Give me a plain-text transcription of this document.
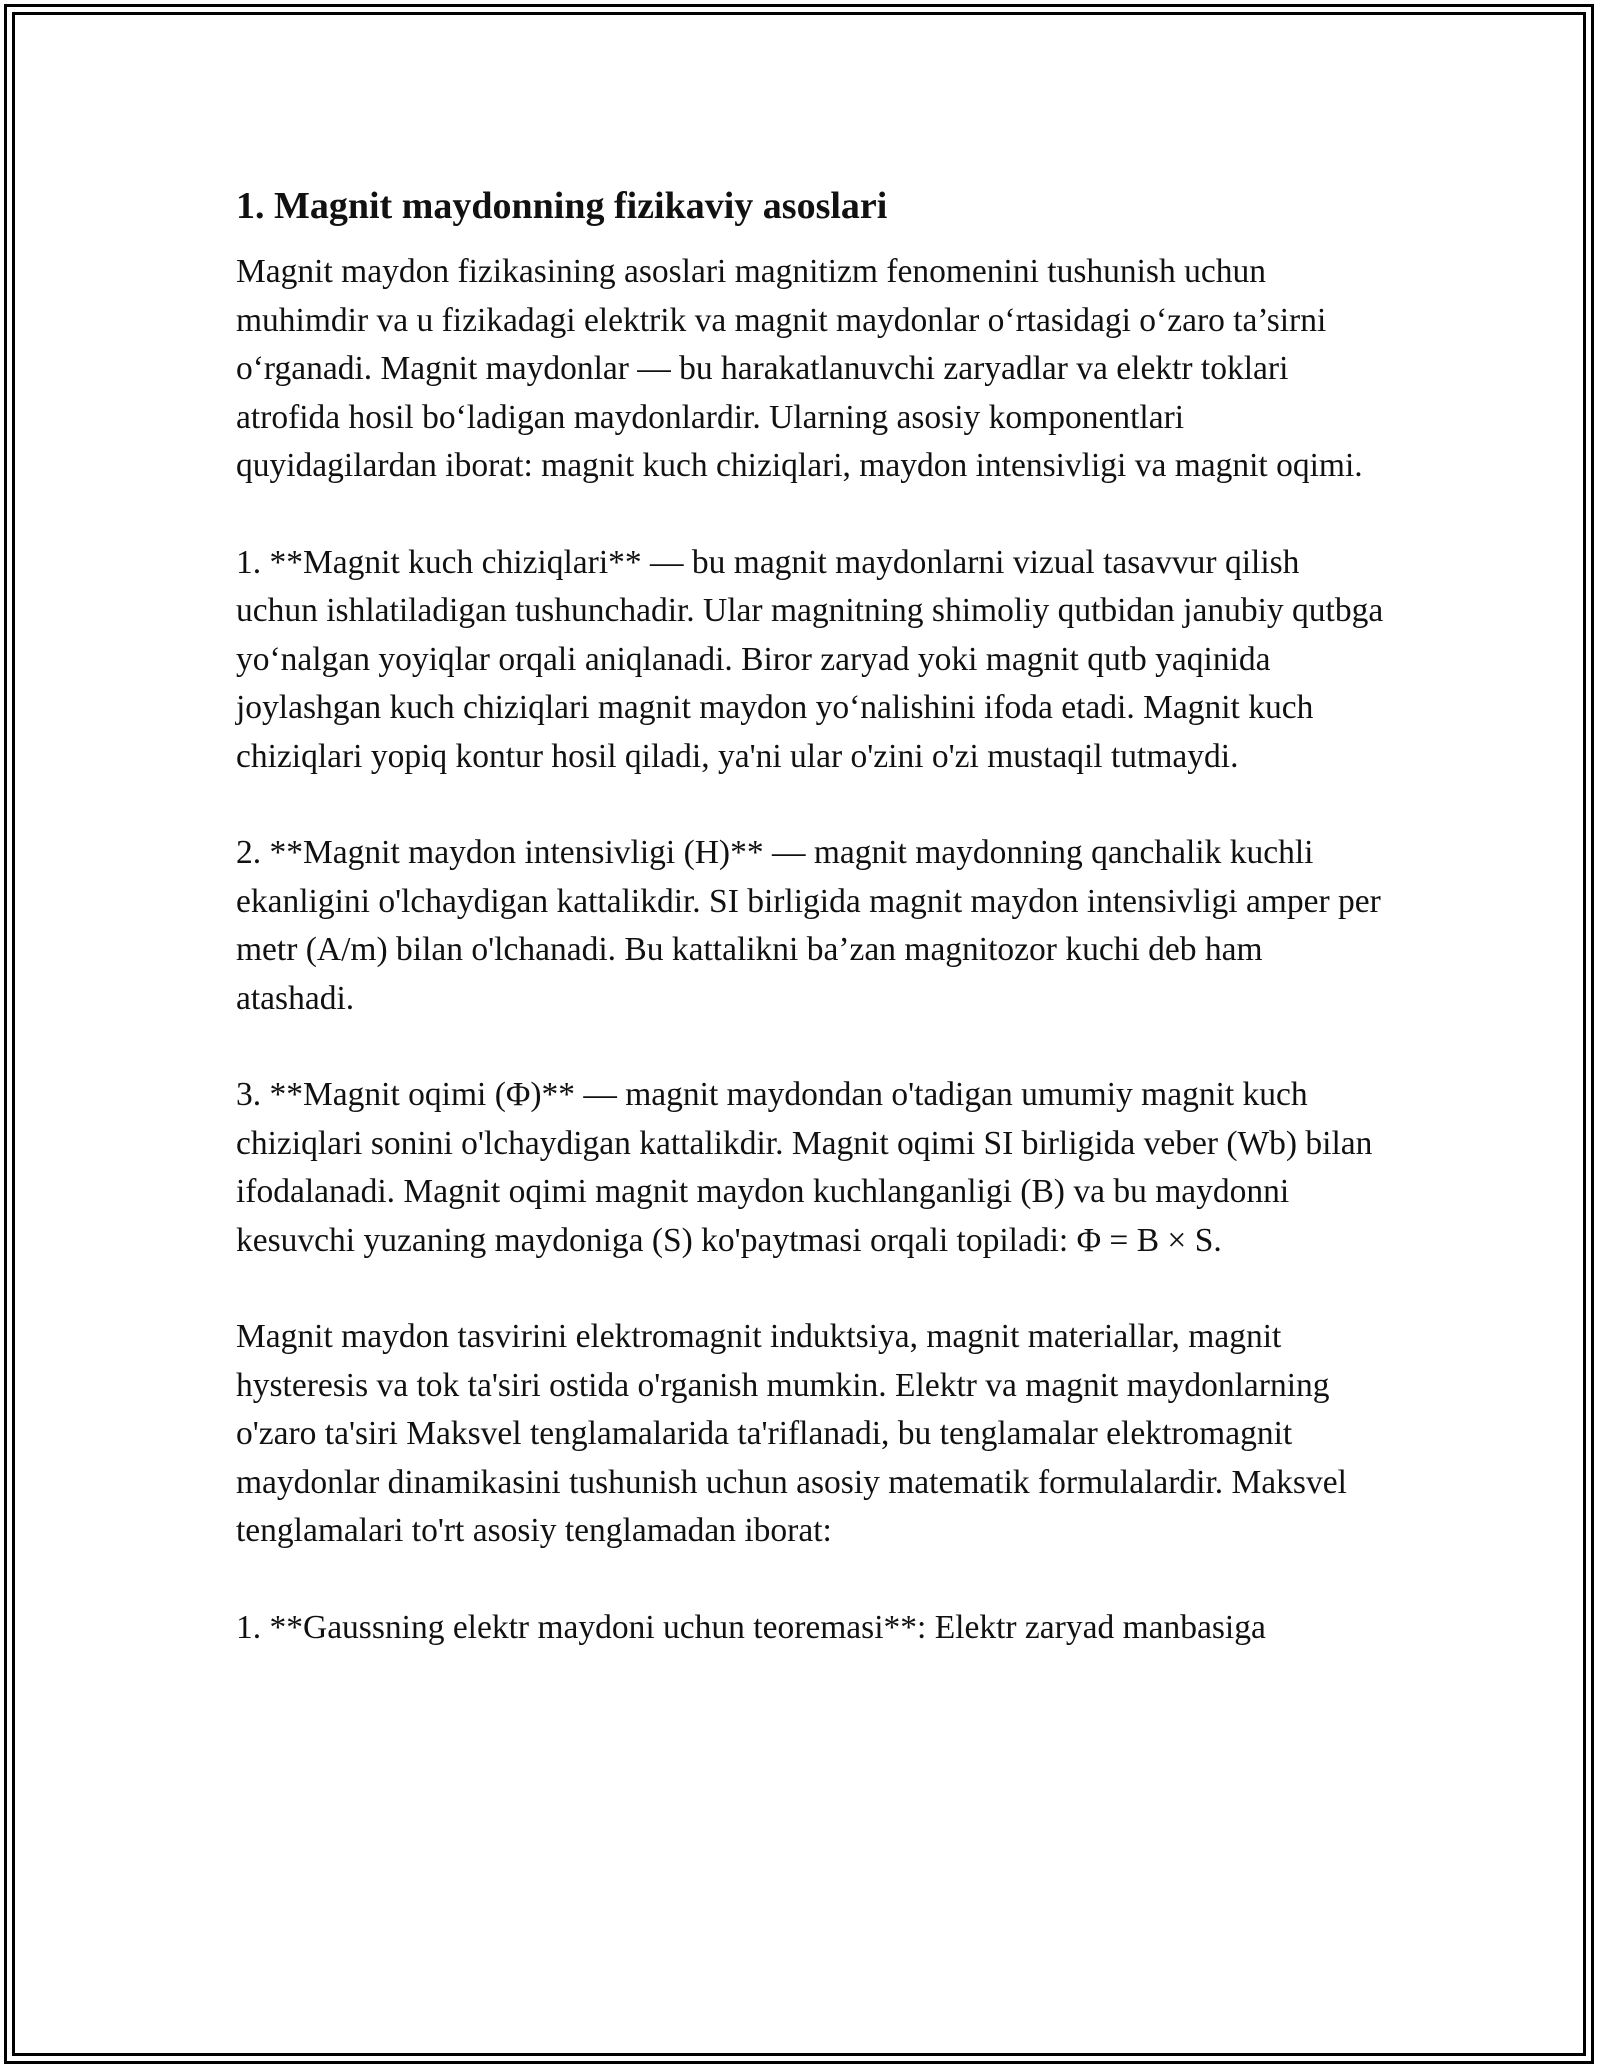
1. Magnit maydonning fizikaviy asoslari

Magnit maydon fizikasining asoslari magnitizm fenomenini tushunish uchun muhimdir va u fizikadagi elektrik va magnit maydonlar o‘rtasidagi o‘zaro ta’sirni o‘rganadi. Magnit maydonlar — bu harakatlanuvchi zaryadlar va elektr toklari atrofida hosil bo‘ladigan maydonlardir. Ularning asosiy komponentlari quyidagilardan iborat: magnit kuch chiziqlari, maydon intensivligi va magnit oqimi.

1. **Magnit kuch chiziqlari** — bu magnit maydonlarni vizual tasavvur qilish uchun ishlatiladigan tushunchadir. Ular magnitning shimoliy qutbidan janubiy qutbga yo‘nalgan yoyiqlar orqali aniqlanadi. Biror zaryad yoki magnit qutb yaqinida joylashgan kuch chiziqlari magnit maydon yo‘nalishini ifoda etadi. Magnit kuch chiziqlari yopiq kontur hosil qiladi, ya'ni ular o'zini o'zi mustaqil tutmaydi.

2. **Magnit maydon intensivligi (H)** — magnit maydonning qanchalik kuchli ekanligini o'lchaydigan kattalikdir. SI birligida magnit maydon intensivligi amper per metr (A/m) bilan o'lchanadi. Bu kattalikni ba’zan magnitozor kuchi deb ham atashadi.

3. **Magnit oqimi (Φ)** — magnit maydondan o'tadigan umumiy magnit kuch chiziqlari sonini o'lchaydigan kattalikdir. Magnit oqimi SI birligida veber (Wb) bilan ifodalanadi. Magnit oqimi magnit maydon kuchlanganligi (B) va bu maydonni kesuvchi yuzaning maydoniga (S) ko'paytmasi orqali topiladi: Φ = B × S.

Magnit maydon tasvirini elektromagnit induktsiya, magnit materiallar, magnit hysteresis va tok ta'siri ostida o'rganish mumkin. Elektr va magnit maydonlarning o'zaro ta'siri Maksvel tenglamalarida ta'riflanadi, bu tenglamalar elektromagnit maydonlar dinamikasini tushunish uchun asosiy matematik formulalardir. Maksvel tenglamalari to'rt asosiy tenglamadan iborat:

1. **Gaussning elektr maydoni uchun teoremasi**: Elektr zaryad manbasiga
